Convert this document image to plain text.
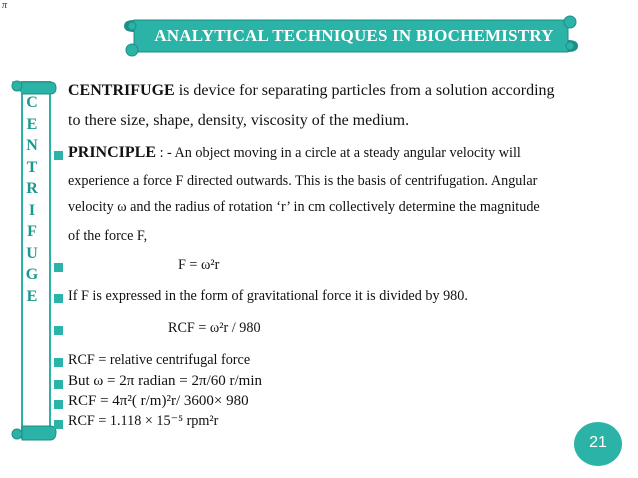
π
ANALYTICAL TECHNIQUES IN BIOCHEMISTRY
C
E
N
T
R
I
F
U
G
E
CENTRIFUGE is device for separating particles from a solution according
to there size, shape, density, viscosity of the medium.
PRINCIPLE : - An object moving in a circle at a steady angular velocity will
experience a force F directed outwards. This is the basis of centrifugation. Angular
velocity ω and the radius of rotation ‘r’ in cm collectively determine the magnitude
of the force F,
F = ω²r
If F is expressed in the form of gravitational force it is divided by 980.
RCF = ω²r / 980
RCF = relative centrifugal force
But ω = 2π radian = 2π/60 r/min
RCF = 4π²( r/m)²r/ 3600× 980
RCF = 1.118 × 15⁻⁵ rpm²r
21
